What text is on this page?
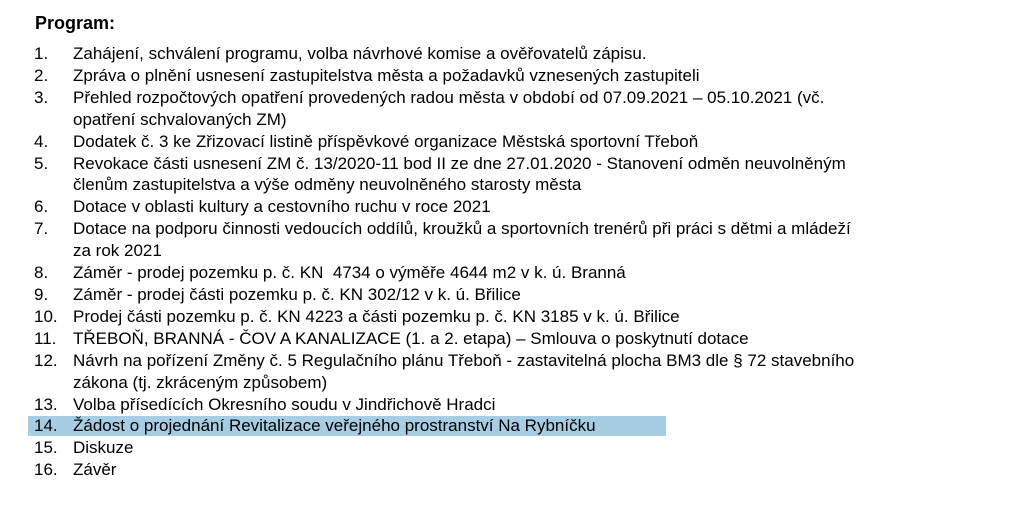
Program:
1. Zahájení, schválení programu, volba návrhové komise a ověřovatelů zápisu.
2. Zpráva o plnění usnesení zastupitelstva města a požadavků vznesených zastupiteli
3. Přehled rozpočtových opatření provedených radou města v období od 07.09.2021 – 05.10.2021 (vč.
opatření schvalovaných ZM)
4. Dodatek č. 3 ke Zřizovací listině příspěvkové organizace Městská sportovní Třeboň
5. Revokace části usnesení ZM č. 13/2020-11 bod II ze dne 27.01.2020 - Stanovení odměn neuvolněným
členům zastupitelstva a výše odměny neuvolněného starosty města
6. Dotace v oblasti kultury a cestovního ruchu v roce 2021
7. Dotace na podporu činnosti vedoucích oddílů, kroužků a sportovních trenérů při práci s dětmi a mládeží
za rok 2021
8. Záměr - prodej pozemku p. č. KN  4734 o výměře 4644 m2 v k. ú. Branná
9. Záměr - prodej části pozemku p. č. KN 302/12 v k. ú. Břilice
10. Prodej části pozemku p. č. KN 4223 a části pozemku p. č. KN 3185 v k. ú. Břilice
11. TŘEBOŇ, BRANNÁ - ČOV A KANALIZACE (1. a 2. etapa) – Smlouva o poskytnutí dotace
12. Návrh na pořízení Změny č. 5 Regulačního plánu Třeboň - zastavitelná plocha BM3 dle § 72 stavebního
zákona (tj. zkráceným způsobem)
13. Volba přísedících Okresního soudu v Jindřichově Hradci
14. Žádost o projednání Revitalizace veřejného prostranství Na Rybníčku
15. Diskuze
16. Závěr
